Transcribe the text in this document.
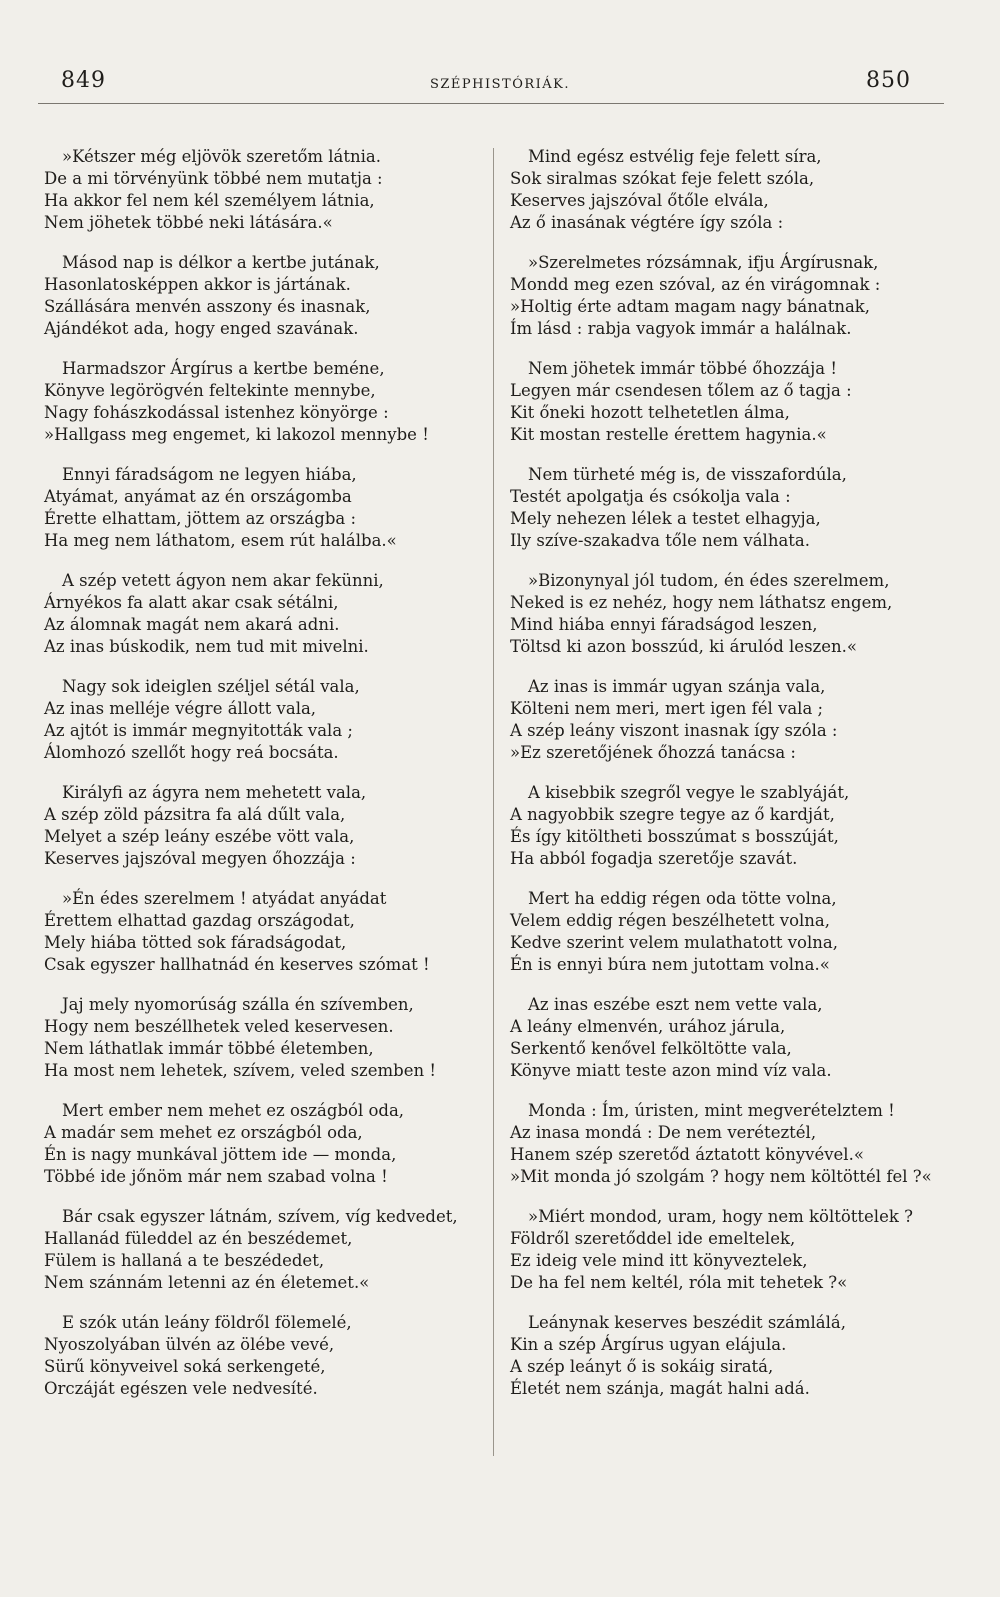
849	SZÉPHISTÓRIÁK.	850
»Kétszer még eljövök szeretőm látnia.
De a mi törvényünk többé nem mutatja :
Ha akkor fel nem kél személyem látnia,
Nem jöhetek többé neki látására.«
Másod nap is délkor a kertbe jutának,
Hasonlatosképpen akkor is jártának.
Szállására menvén asszony és inasnak,
Ajándékot ada, hogy enged szavának.
Harmadszor Árgírus a kertbe beméne,
Könyve legörögvén feltekinte mennybe,
Nagy fohászkodással istenhez könyörge :
»Hallgass meg engemet, ki lakozol mennybe !
Ennyi fáradságom ne legyen hiába,
Atyámat, anyámat az én országomba
Érette elhattam, jöttem az országba :
Ha meg nem láthatom, esem rút halálba.«
A szép vetett ágyon nem akar fekünni,
Árnyékos fa alatt akar csak sétálni,
Az álomnak magát nem akará adni.
Az inas búskodik, nem tud mit mivelni.
Nagy sok ideiglen széljel sétál vala,
Az inas melléje végre állott vala,
Az ajtót is immár megnyitották vala ;
Álomhozó szellőt hogy reá bocsáta.
Királyfi az ágyra nem mehetett vala,
A szép zöld pázsitra fa alá dűlt vala,
Melyet a szép leány eszébe vött vala,
Keserves jajszóval megyen őhozzája :
»Én édes szerelmem ! atyádat anyádat
Érettem elhattad gazdag országodat,
Mely hiába tötted sok fáradságodat,
Csak egyszer hallhatnád én keserves szómat !
Jaj mely nyomorúság szálla én szívemben,
Hogy nem beszéllhetek veled keservesen.
Nem láthatlak immár többé életemben,
Ha most nem lehetek, szívem, veled szemben !
Mert ember nem mehet ez oszágból oda,
A madár sem mehet ez országból oda,
Én is nagy munkával jöttem ide — monda,
Többé ide jőnöm már nem szabad volna !
Bár csak egyszer látnám, szívem, víg kedvedet,
Hallanád füleddel az én beszédemet,
Fülem is hallaná a te beszédedet,
Nem szánnám letenni az én életemet.«
E szók után leány földről fölemelé,
Nyoszolyában ülvén az ölébe vevé,
Sürű könyveivel soká serkengeté,
Orczáját egészen vele nedvesíté.
Mind egész estvélig feje felett síra,
Sok siralmas szókat feje felett szóla,
Keserves jajszóval őtőle elvála,
Az ő inasának végtére így szóla :
»Szerelmetes rózsámnak, ifju Árgírusnak,
Mondd meg ezen szóval, az én virágomnak :
»Holtig érte adtam magam nagy bánatnak,
Ím lásd : rabja vagyok immár a halálnak.
Nem jöhetek immár többé őhozzája !
Legyen már csendesen tőlem az ő tagja :
Kit őneki hozott telhetetlen álma,
Kit mostan restelle érettem hagynia.«
Nem türheté még is, de visszafordúla,
Testét apolgatja és csókolja vala :
Mely nehezen lélek a testet elhagyja,
Ily szíve-szakadva tőle nem válhata.
»Bizonynyal jól tudom, én édes szerelmem,
Neked is ez nehéz, hogy nem láthatsz engem,
Mind hiába ennyi fáradságod leszen,
Töltsd ki azon bosszúd, ki árulód leszen.«
Az inas is immár ugyan szánja vala,
Költeni nem meri, mert igen fél vala ;
A szép leány viszont inasnak így szóla :
»Ez szeretőjének őhozzá tanácsa :
A kisebbik szegről vegye le szablyáját,
A nagyobbik szegre tegye az ő kardját,
És így kitöltheti bosszúmat s bosszúját,
Ha abból fogadja szeretője szavát.
Mert ha eddig régen oda tötte volna,
Velem eddig régen beszélhetett volna,
Kedve szerint velem mulathatott volna,
Én is ennyi búra nem jutottam volna.«
Az inas eszébe eszt nem vette vala,
A leány elmenvén, urához járula,
Serkentő kenővel felköltötte vala,
Könyve miatt teste azon mind víz vala.
Monda : Ím, úristen, mint megverételztem !
Az inasa mondá : De nem veréteztél,
Hanem szép szeretőd áztatott könyvével.«
»Mit monda jó szolgám ? hogy nem költöttél fel ?«
»Miért mondod, uram, hogy nem költöttelek ?
Földről szeretőddel ide emeltelek,
Ez ideig vele mind itt könyveztelek,
De ha fel nem keltél, róla mit tehetek ?«
Leánynak keserves beszédit számlálá,
Kin a szép Árgírus ugyan elájula.
A szép leányt ő is sokáig siratá,
Életét nem szánja, magát halni adá.
